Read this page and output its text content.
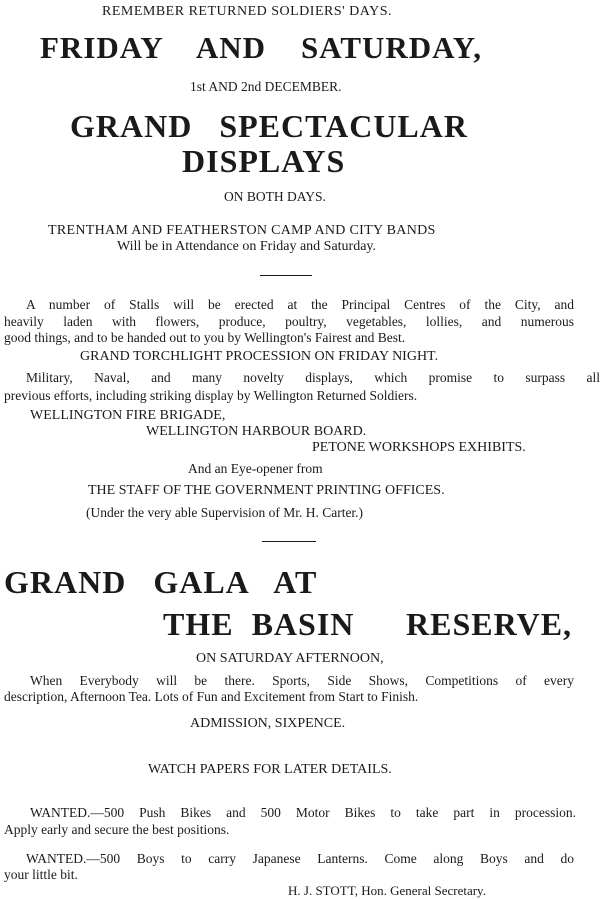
REMEMBER RETURNED SOLDIERS' DAYS.
FRIDAY    AND    SATURDAY,
1st AND 2nd DECEMBER.
GRAND   SPECTACULAR
DISPLAYS
ON BOTH DAYS.
TRENTHAM AND FEATHERSTON CAMP AND CITY BANDS
Will be in Attendance on Friday and Saturday.
A number of Stalls will be erected at the Principal Centres of the City, and
heavily laden with flowers, produce, poultry, vegetables, lollies, and numerous
good things, and to be handed out to you by Wellington's Fairest and Best.
GRAND TORCHLIGHT PROCESSION ON FRIDAY NIGHT.
Military, Naval, and many novelty displays, which promise to surpass all
previous efforts, including striking display by Wellington Returned Soldiers.
WELLINGTON FIRE BRIGADE,
WELLINGTON HARBOUR BOARD.
PETONE WORKSHOPS EXHIBITS.
And an Eye-opener from
THE STAFF OF THE GOVERNMENT PRINTING OFFICES.
(Under the very able Supervision of Mr. H. Carter.)
GRAND   GALA   AT
THE  BASIN RESERVE,
ON SATURDAY AFTERNOON,
When Everybody will be there. Sports, Side Shows, Competitions of every
description, Afternoon Tea. Lots of Fun and Excitement from Start to Finish.
ADMISSION, SIXPENCE.
WATCH PAPERS FOR LATER DETAILS.
WANTED.—500 Push Bikes and 500 Motor Bikes to take part in procession.
Apply early and secure the best positions.
WANTED.—500 Boys to carry Japanese Lanterns. Come along Boys and do
your little bit.
H. J. STOTT, Hon. General Secretary.
